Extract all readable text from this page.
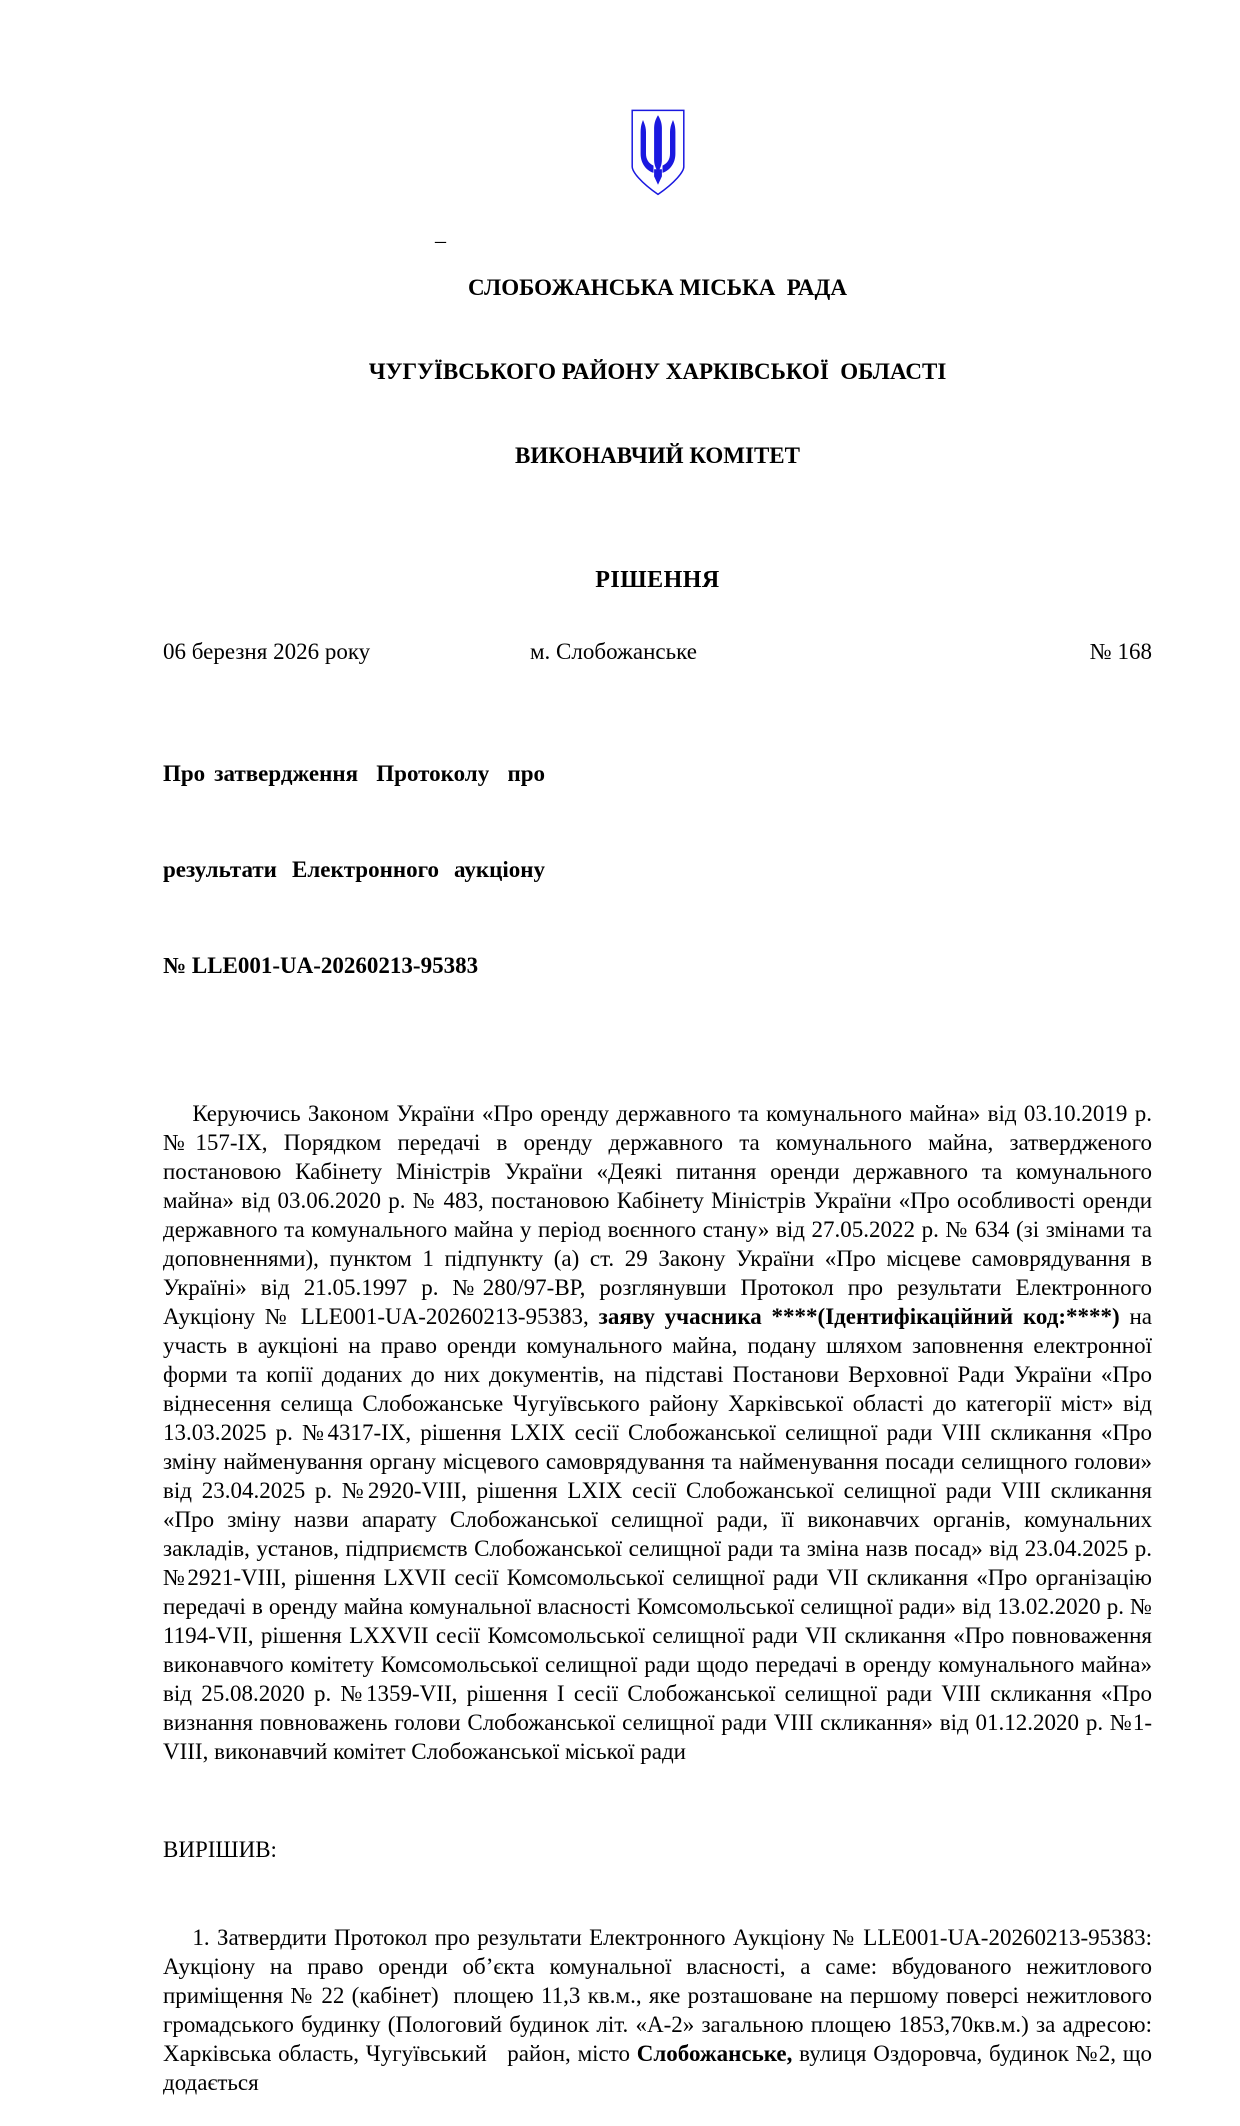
_

СЛОБОЖАНСЬКА МІСЬКА  РАДА

ЧУГУЇВСЬКОГО РАЙОНУ ХАРКІВСЬКОЇ  ОБЛАСТІ

ВИКОНАВЧИЙ КОМІТЕТ

РІШЕННЯ
06 березня 2026 року	м. Слобожанське	№ 168

Про затвердження  Протоколу  про

результати  Електронного  аукціону

№ LLE001-UA-20260213-95383

Керуючись Законом України «Про оренду державного та комунального майна» від 03.10.2019 р. №157-ІХ, Порядком передачі в оренду державного та комунального майна, затвердженого постановою Кабінету Міністрів України «Деякі питання оренди державного та комунального майна» від 03.06.2020 р. № 483, постановою Кабінету Міністрів України «Про особливості оренди державного та комунального майна у період воєнного стану» від 27.05.2022 р. № 634 (зі змінами та доповненнями), пунктом 1 підпункту (а) ст. 29 Закону України «Про місцеве самоврядування в Україні» від 21.05.1997 р. №280/97-ВР, розглянувши Протокол про результати Електронного Аукціону № LLE001-UA-20260213-95383, заяву учасника ****(Ідентифікаційний код:****) на участь в аукціоні на право оренди комунального майна, подану шляхом заповнення електронної форми та копії доданих до них документів, на підставі Постанови Верховної Ради України «Про віднесення селища Слобожанське Чугуївського району Харківської області до категорії міст» від 13.03.2025 р. №4317-ІХ, рішення LXIX сесії Слобожанської селищної ради VIII скликання «Про зміну найменування органу місцевого самоврядування та найменування посади селищного голови» від 23.04.2025 р. №2920-VIII, рішення LXIX сесії Слобожанської селищної ради VIII скликання «Про зміну назви апарату Слобожанської селищної ради, її виконавчих органів, комунальних закладів, установ, підприємств Слобожанської селищної ради та зміна назв посад» від 23.04.2025 р. №2921-VIII, рішення LXVII сесії Комсомольської селищної ради VII скликання «Про організацію передачі в оренду майна комунальної власності Комсомольської селищної ради» від 13.02.2020 р. № 1194-VII, рішення LXXVII сесії Комсомольської селищної ради VII скликання «Про повноваження виконавчого комітету Комсомольської селищної ради щодо передачі в оренду комунального майна» від 25.08.2020 р. №1359-VII, рішення І сесії Слобожанської селищної ради VIII скликання «Про визнання повноважень голови Слобожанської селищної ради VIII скликання» від 01.12.2020 р. №1-VIII, виконавчий комітет Слобожанської міської ради

ВИРІШИВ:

1. Затвердити Протокол про результати Електронного Аукціону № LLE001-UA-20260213-95383: Аукціону на право оренди об’єкта комунальної власності, а саме: вбудованого нежитлового приміщення № 22 (кабінет)  площею 11,3 кв.м., яке розташоване на першому поверсі нежитлового громадського будинку (Пологовий будинок літ. «А-2» загальною площею 1853,70кв.м.) за адресою: Харківська область, Чугуївський   район, місто Слобожанське, вулиця Оздоровча, будинок №2, що додається
